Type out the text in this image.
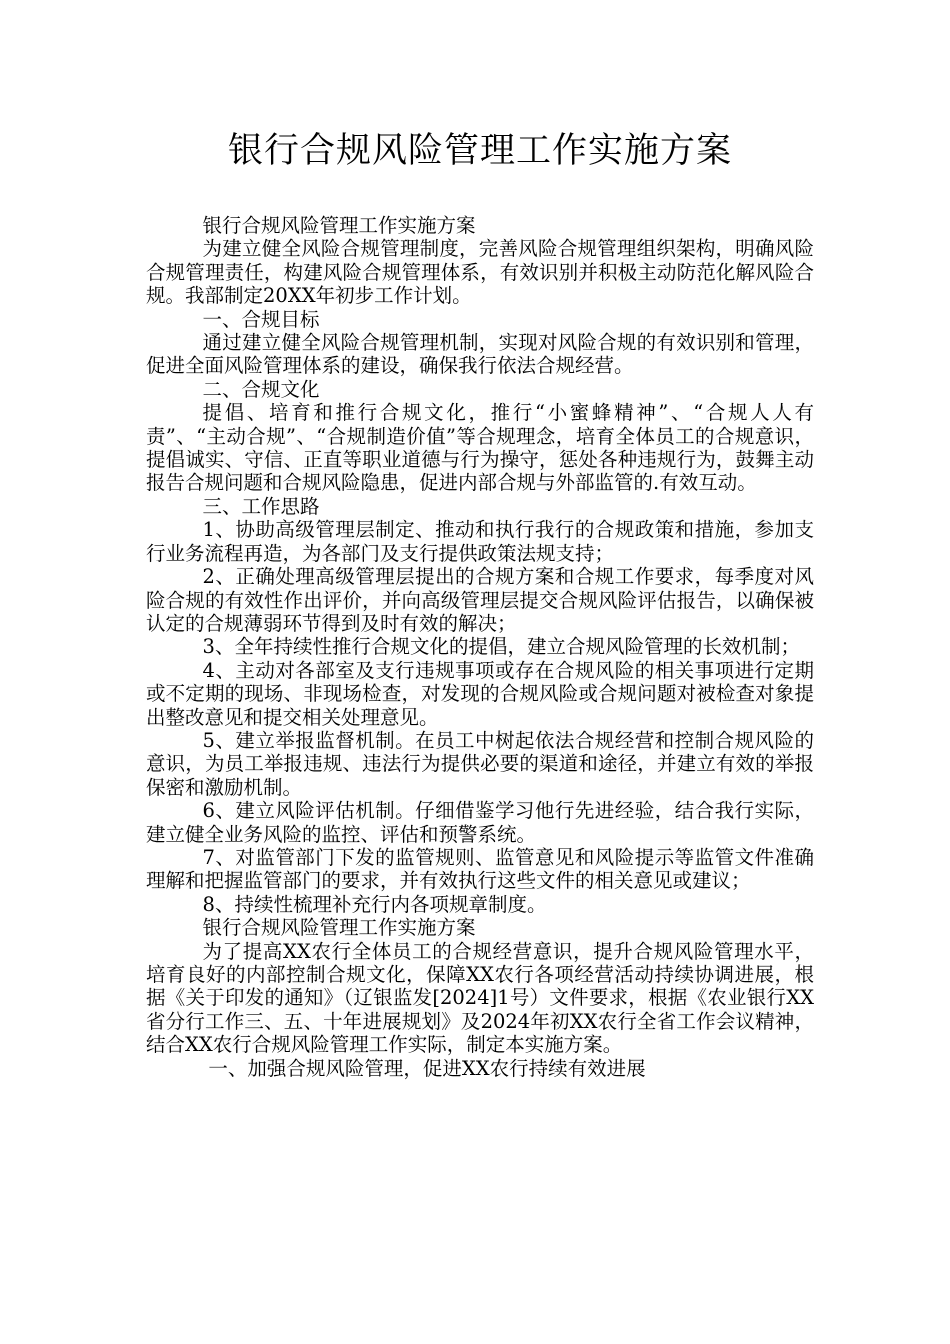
银行合规风险管理工作实施方案

银行合规风险管理工作实施方案

为建立健全风险合规管理制度，完善风险合规管理组织架构，明确风险合规管理责任，构建风险合规管理体系，有效识别并积极主动防范化解风险合规。我部制定20XX年初步工作计划。

一、合规目标

通过建立健全风险合规管理机制，实现对风险合规的有效识别和管理，促进全面风险管理体系的建设，确保我行依法合规经营。

二、合规文化

提倡、培育和推行合规文化，推行“小蜜蜂精神”、“合规人人有责”、“主动合规”、“合规制造价值”等合规理念，培育全体员工的合规意识，提倡诚实、守信、正直等职业道德与行为操守，惩处各种违规行为，鼓舞主动报告合规问题和合规风险隐患，促进内部合规与外部监管的.有效互动。

三、工作思路

1、协助高级管理层制定、推动和执行我行的合规政策和措施，参加支行业务流程再造，为各部门及支行提供政策法规支持；

2、正确处理高级管理层提出的合规方案和合规工作要求，每季度对风险合规的有效性作出评价，并向高级管理层提交合规风险评估报告，以确保被认定的合规薄弱环节得到及时有效的解决；

3、全年持续性推行合规文化的提倡，建立合规风险管理的长效机制；

4、主动对各部室及支行违规事项或存在合规风险的相关事项进行定期或不定期的现场、非现场检查，对发现的合规风险或合规问题对被检查对象提出整改意见和提交相关处理意见。

5、建立举报监督机制。在员工中树起依法合规经营和控制合规风险的意识，为员工举报违规、违法行为提供必要的渠道和途径，并建立有效的举报保密和激励机制。

6、建立风险评估机制。仔细借鉴学习他行先进经验，结合我行实际，建立健全业务风险的监控、评估和预警系统。

7、对监管部门下发的监管规则、监管意见和风险提示等监管文件准确理解和把握监管部门的要求，并有效执行这些文件的相关意见或建议；

8、持续性梳理补充行内各项规章制度。

银行合规风险管理工作实施方案

为了提高XX农行全体员工的合规经营意识，提升合规风险管理水平，培育良好的内部控制合规文化，保障XX农行各项经营活动持续协调进展，根据《关于印发的通知》（辽银监发[2024]1号）文件要求，根据《农业银行XX省分行工作三、五、十年进展规划》及2024年初XX农行全省工作会议精神，结合XX农行合规风险管理工作实际，制定本实施方案。

一、加强合规风险管理，促进XX农行持续有效进展
